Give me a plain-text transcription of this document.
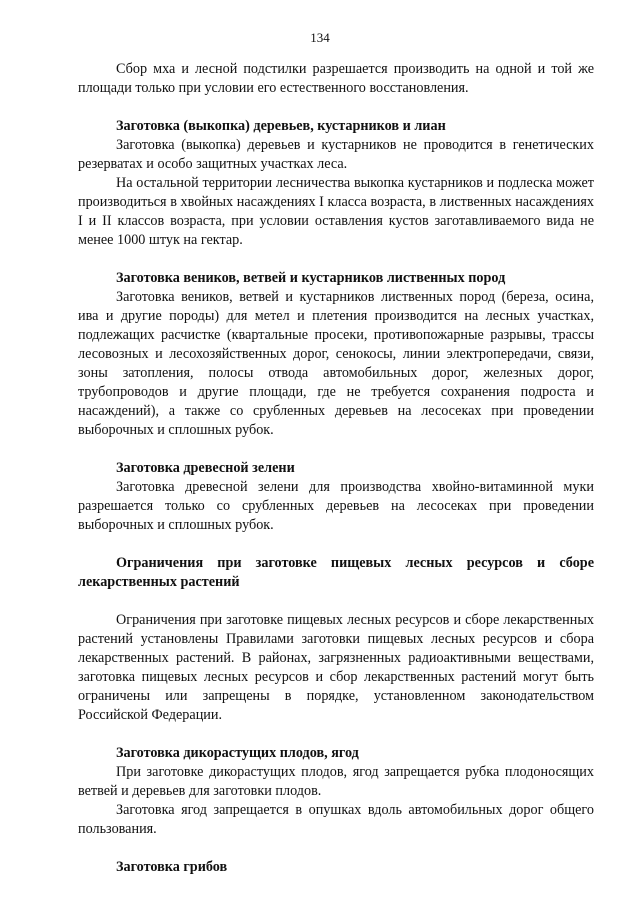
134

Сбор мха и лесной подстилки разрешается производить на одной и той же площади только при условии его естественного восстановления.

Заготовка (выкопка) деревьев, кустарников и лиан

Заготовка (выкопка) деревьев и кустарников не проводится в генетических резерватах и особо защитных участках леса.

На остальной территории лесничества выкопка кустарников и подлеска может производиться в хвойных насаждениях I класса возраста, в лиственных насаждениях I и II классов возраста, при условии оставления кустов заготавливаемого вида не менее 1000 штук на гектар.

Заготовка веников, ветвей и кустарников лиственных пород

Заготовка веников, ветвей и кустарников лиственных пород (береза, осина, ива и другие породы) для метел и плетения производится на лесных участках, подлежащих расчистке (квартальные просеки, противопожарные разрывы, трассы лесовозных и лесохозяйственных дорог, сенокосы, линии электропередачи, связи, зоны затопления, полосы отвода автомобильных дорог, железных дорог, трубопроводов и другие площади, где не требуется сохранения подроста и насаждений), а также со срубленных деревьев на лесосеках при проведении выборочных и сплошных рубок.

Заготовка древесной зелени

Заготовка древесной зелени для производства хвойно-витаминной муки разрешается только со срубленных деревьев на лесосеках при проведении выборочных и сплошных рубок.

Ограничения при заготовке пищевых лесных ресурсов и сборе лекарственных растений

Ограничения при заготовке пищевых лесных ресурсов и сборе лекарственных растений установлены Правилами заготовки пищевых лесных ресурсов и сбора лекарственных растений. В районах, загрязненных радиоактивными веществами, заготовка пищевых лесных ресурсов и сбор лекарственных растений могут быть ограничены или запрещены в порядке, установленном законодательством Российской Федерации.

Заготовка дикорастущих плодов, ягод

При заготовке дикорастущих плодов, ягод запрещается рубка плодоносящих ветвей и деревьев для заготовки плодов.

Заготовка ягод запрещается в опушках вдоль автомобильных дорог общего пользования.

Заготовка грибов
